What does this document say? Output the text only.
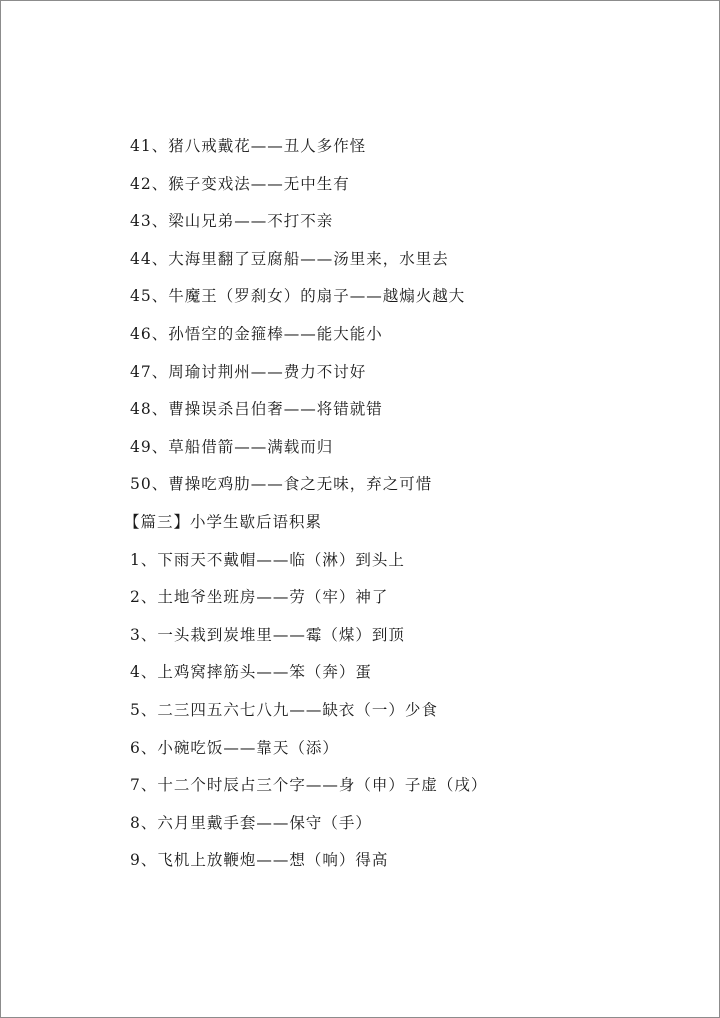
41、猪八戒戴花——丑人多作怪
42、猴子变戏法——无中生有
43、梁山兄弟——不打不亲
44、大海里翻了豆腐船——汤里来，水里去
45、牛魔王（罗刹女）的扇子——越煽火越大
46、孙悟空的金箍棒——能大能小
47、周瑜讨荆州——费力不讨好
48、曹操误杀吕伯奢——将错就错
49、草船借箭——满载而归
50、曹操吃鸡肋——食之无味，弃之可惜
【篇三】小学生歇后语积累
1、下雨天不戴帽——临（淋）到头上
2、土地爷坐班房——劳（牢）神了
3、一头栽到炭堆里——霉（煤）到顶
4、上鸡窝摔筋头——笨（奔）蛋
5、二三四五六七八九——缺衣（一）少食
6、小碗吃饭——靠天（添）
7、十二个时辰占三个字——身（申）子虚（戌）
8、六月里戴手套——保守（手）
9、飞机上放鞭炮——想（响）得高
